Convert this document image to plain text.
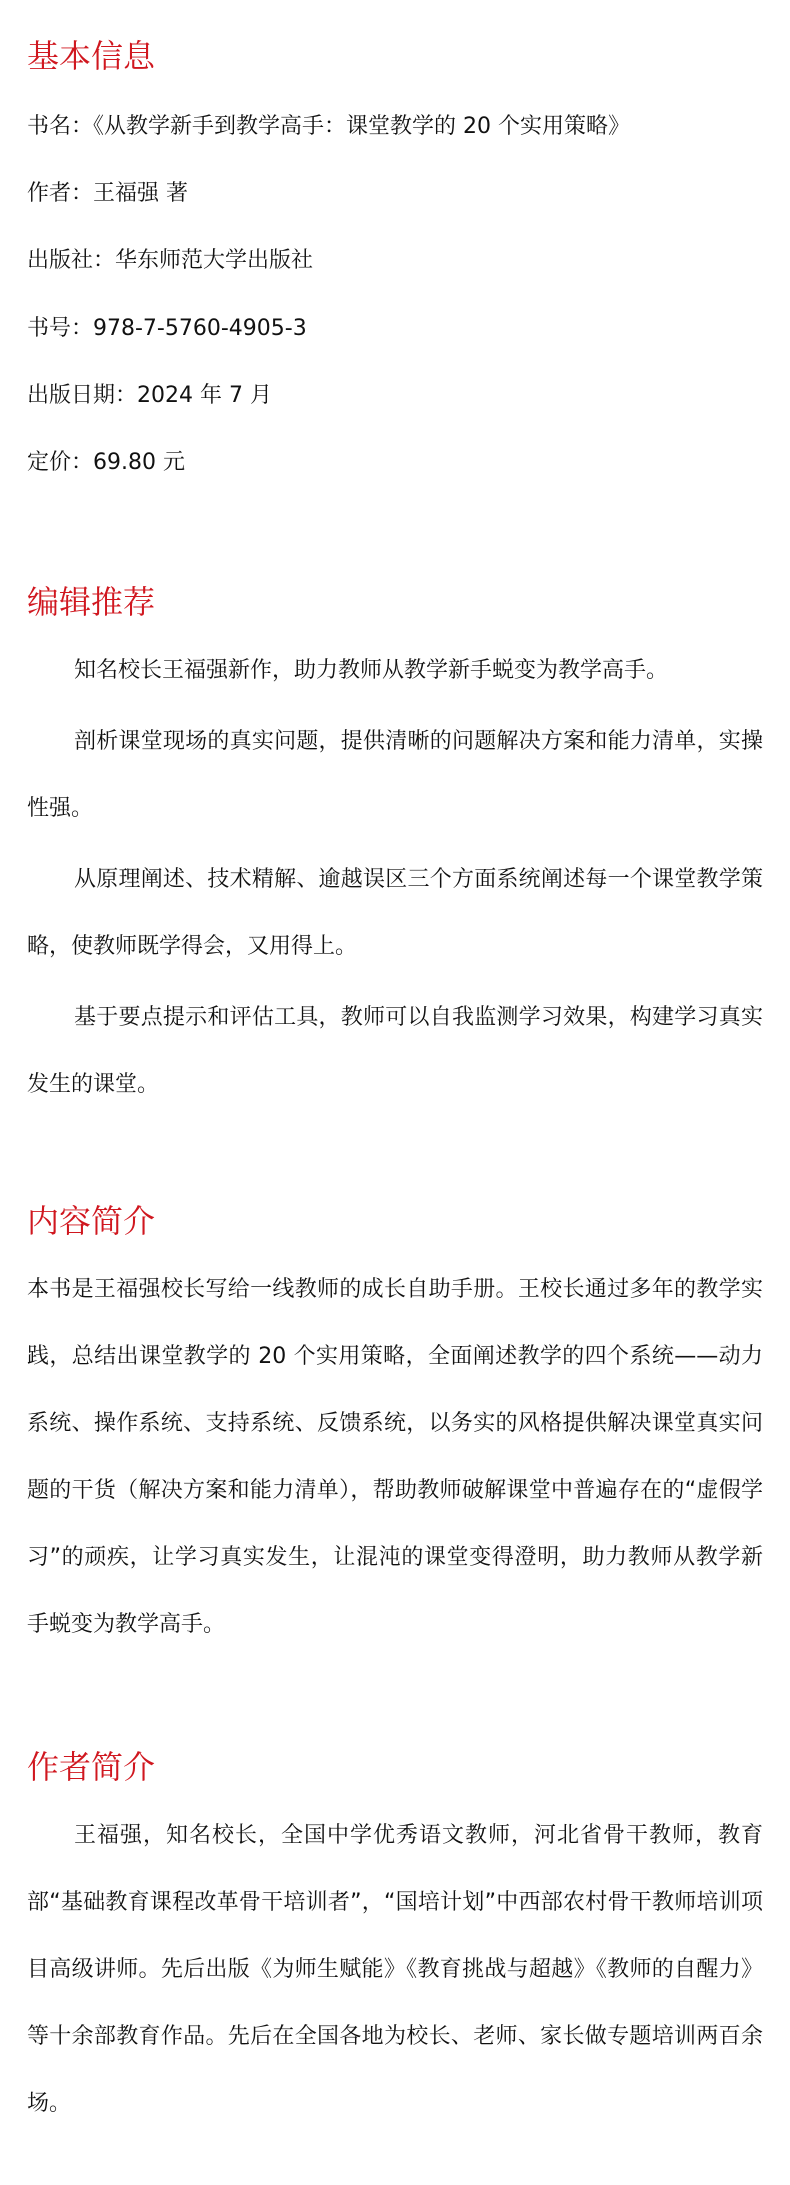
基本信息

书名：《从教学新手到教学高手：课堂教学的 20 个实用策略》

作者：王福强 著

出版社：华东师范大学出版社

书号：978-7-5760-4905-3

出版日期：2024 年 7 月

定价：69.80 元

编辑推荐

知名校长王福强新作，助力教师从教学新手蜕变为教学高手。

剖析课堂现场的真实问题，提供清晰的问题解决方案和能力清单，实操性强。

从原理阐述、技术精解、逾越误区三个方面系统阐述每一个课堂教学策略，使教师既学得会，又用得上。

基于要点提示和评估工具，教师可以自我监测学习效果，构建学习真实发生的课堂。

内容简介

本书是王福强校长写给一线教师的成长自助手册。王校长通过多年的教学实践，总结出课堂教学的 20 个实用策略，全面阐述教学的四个系统——动力系统、操作系统、支持系统、反馈系统，以务实的风格提供解决课堂真实问题的干货（解决方案和能力清单），帮助教师破解课堂中普遍存在的“虚假学习”的顽疾，让学习真实发生，让混沌的课堂变得澄明，助力教师从教学新手蜕变为教学高手。

作者简介

王福强，知名校长，全国中学优秀语文教师，河北省骨干教师，教育部“基础教育课程改革骨干培训者”，“国培计划”中西部农村骨干教师培训项目高级讲师。先后出版《为师生赋能》《教育挑战与超越》《教师的自醒力》等十余部教育作品。先后在全国各地为校长、老师、家长做专题培训两百余场。
